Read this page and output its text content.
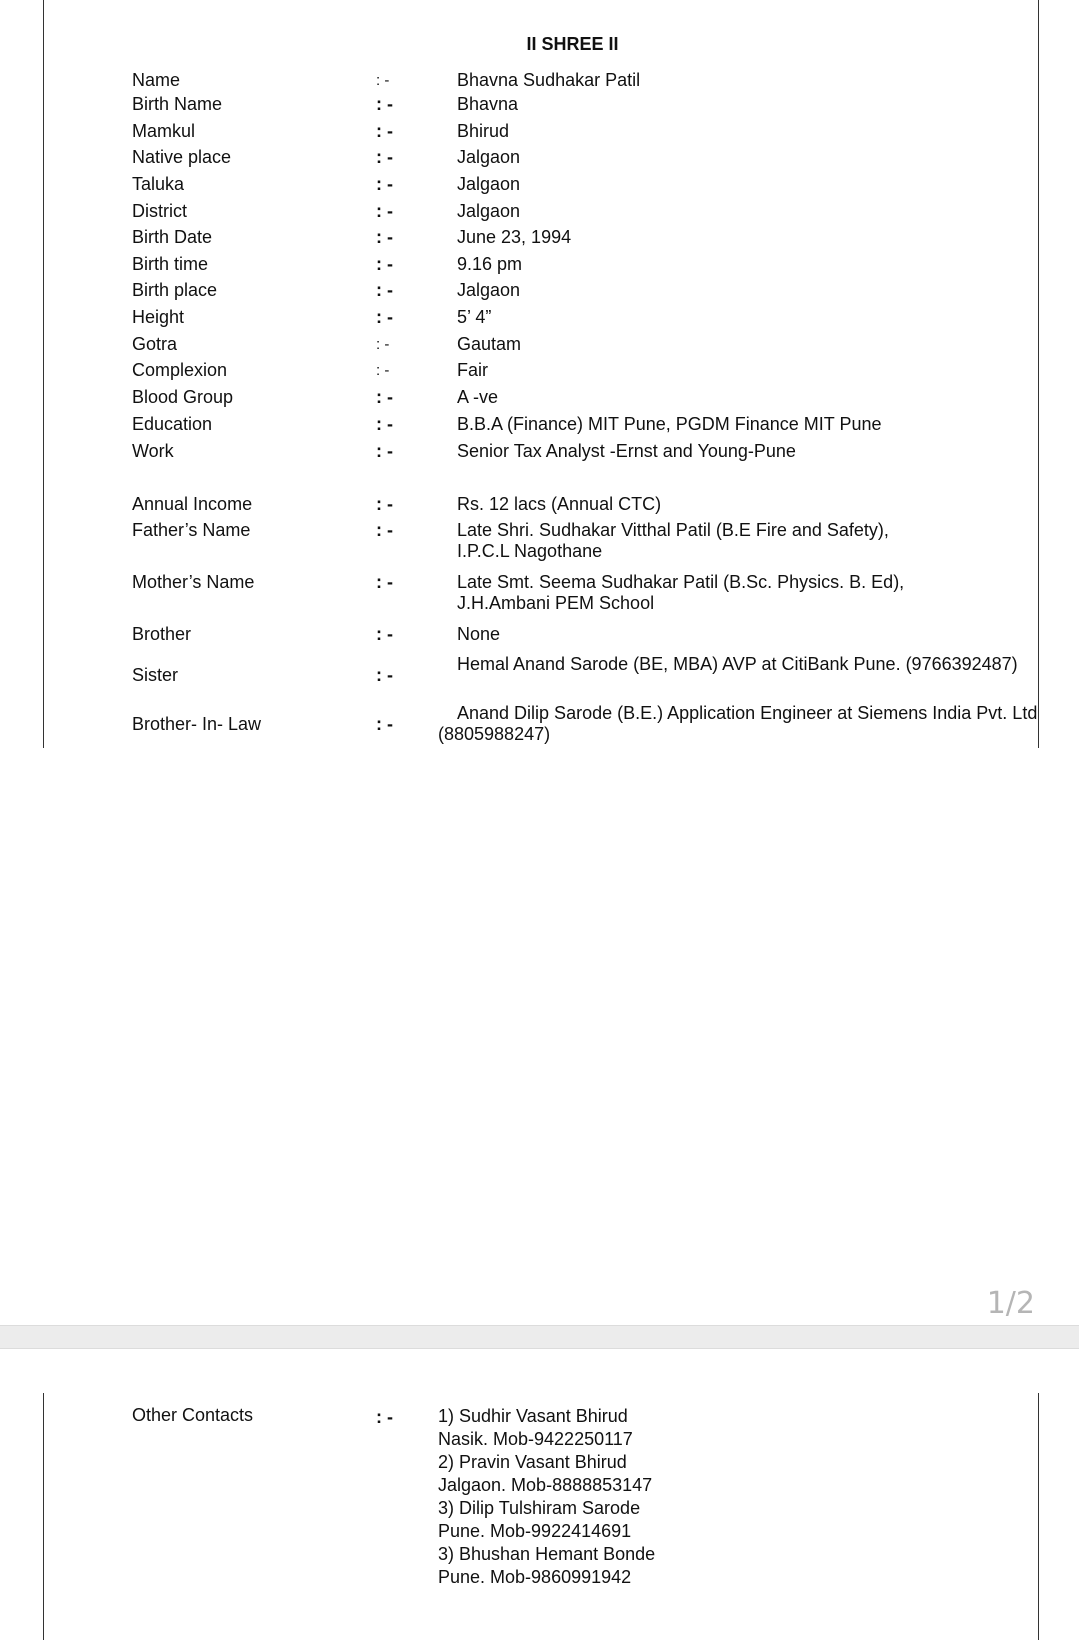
II SHREE II
Name	: -	Bhavna Sudhakar Patil
Birth Name	: -	Bhavna
Mamkul	: -	Bhirud
Native place	: -	Jalgaon
Taluka	: -	Jalgaon
District	: -	Jalgaon
Birth Date	: -	June 23, 1994
Birth time	: -	9.16 pm
Birth place	: -	Jalgaon
Height	: -	5’ 4”
Gotra	: -	Gautam
Complexion	: -	Fair
Blood Group	: -	A -ve
Education	: -	B.B.A (Finance) MIT Pune, PGDM Finance MIT Pune
Work	: -	Senior Tax Analyst -Ernst and Young-Pune
Annual Income	: -	Rs. 12 lacs (Annual CTC)
Father’s Name	: -	Late Shri. Sudhakar Vitthal Patil (B.E Fire and Safety),
I.P.C.L Nagothane
Mother’s Name	: -	Late Smt. Seema Sudhakar Patil (B.Sc. Physics. B. Ed),
J.H.Ambani PEM School
Brother	: -	None
Sister	: -
Hemal Anand Sarode (BE, MBA) AVP at CitiBank Pune. (9766392487)
Brother- In- Law	: -
Anand Dilip Sarode (B.E.) Application Engineer at Siemens India Pvt. Ltd (8805988247)
1/2
Other Contacts	: -	1) Sudhir Vasant Bhirud
Nasik. Mob-9422250117
2) Pravin Vasant Bhirud
Jalgaon. Mob-8888853147
3) Dilip Tulshiram Sarode
Pune. Mob-9922414691
3) Bhushan Hemant Bonde
Pune. Mob-9860991942
